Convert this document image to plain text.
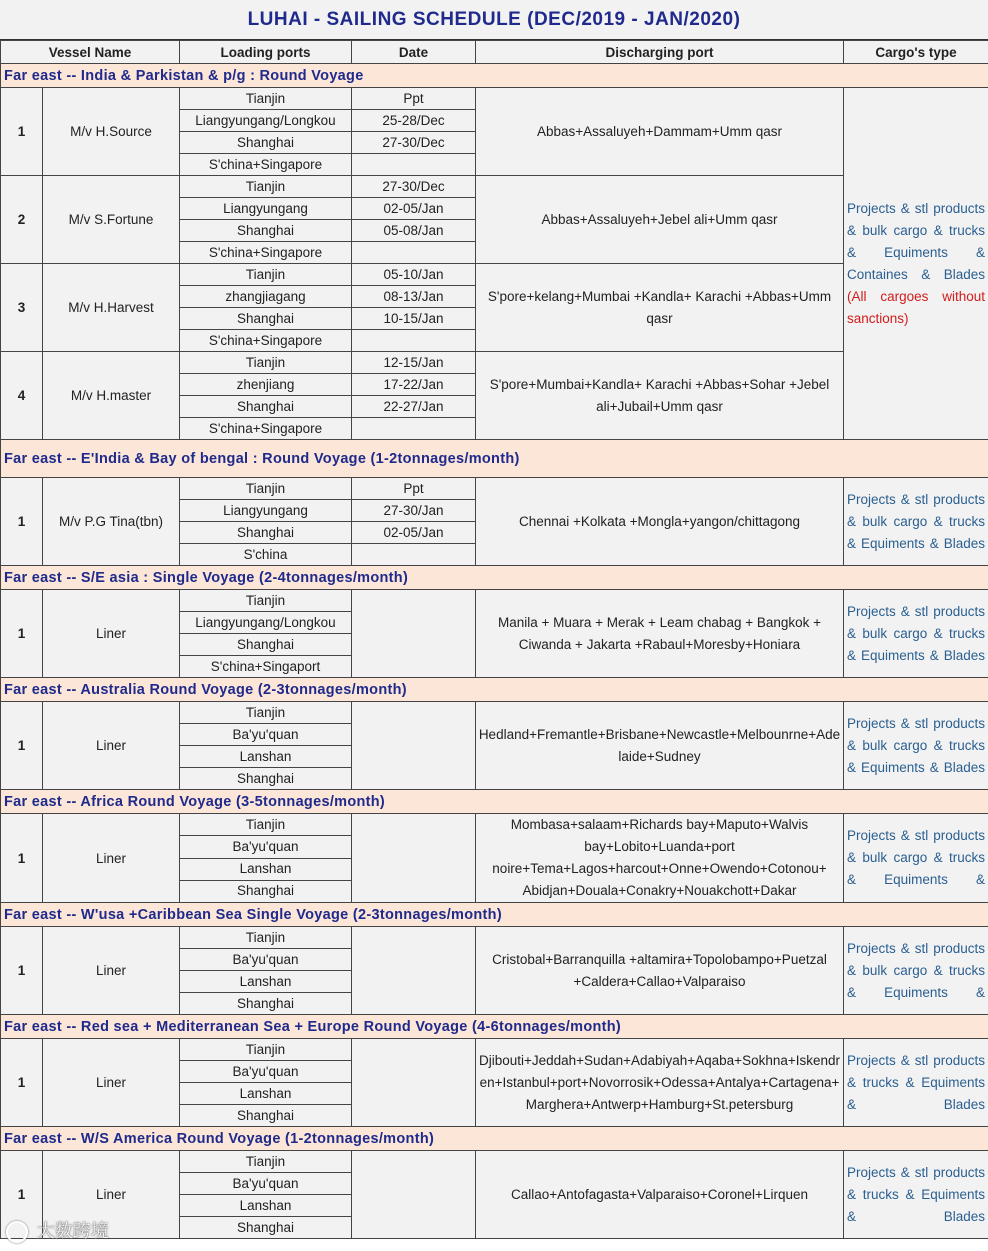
LUHAI - SAILING SCHEDULE (DEC/2019 - JAN/2020)
Vessel Name		Loading ports	Date	Discharging port	Cargo's type
Far east -- India & Parkistan & p/g : Round Voyage					
1	M/v H.Source	Tianjin	Ppt	Abbas+Assaluyeh+Dammam+Umm qasr	Projects & stl products & bulk cargo & trucks & Equiments & Containes & Blades (All cargoes without sanctions)
		Liangyungang/Longkou	25-28/Dec		
		Shanghai	27-30/Dec		
		S'china+Singapore			
2	M/v S.Fortune	Tianjin	27-30/Dec	Abbas+Assaluyeh+Jebel ali+Umm qasr	
		Liangyungang	02-05/Jan		
		Shanghai	05-08/Jan		
		S'china+Singapore			
3	M/v H.Harvest	Tianjin	05-10/Jan	S'pore+kelang+Mumbai +Kandla+ Karachi +Abbas+Umm qasr	
		zhangjiagang	08-13/Jan		
		Shanghai	10-15/Jan		
		S'china+Singapore			
4	M/v H.master	Tianjin	12-15/Jan	S'pore+Mumbai+Kandla+ Karachi +Abbas+Sohar +Jebel ali+Jubail+Umm qasr	
		zhenjiang	17-22/Jan		
		Shanghai	22-27/Jan		
		S'china+Singapore			
Far east -- E'India & Bay of bengal : Round Voyage (1-2tonnages/month)					
1	M/v P.G Tina(tbn)	Tianjin	Ppt	Chennai +Kolkata +Mongla+yangon/chittagong	Projects & stl products & bulk cargo & trucks & Equiments & Blades
		Liangyungang	27-30/Jan		
		Shanghai	02-05/Jan		
		S'china			
Far east -- S/E asia : Single Voyage (2-4tonnages/month)					
1	Liner	Tianjin		Manila + Muara + Merak + Leam chabag + Bangkok + Ciwanda + Jakarta +Rabaul+Moresby+Honiara	Projects & stl products & bulk cargo & trucks & Equiments & Blades
		Liangyungang/Longkou			
		Shanghai			
		S'china+Singaport			
Far east -- Australia Round Voyage (2-3tonnages/month)					
1	Liner	Tianjin		Hedland+Fremantle+Brisbane+Newcastle+Melbounrne+Adelaide+Sudney	Projects & stl products & bulk cargo & trucks & Equiments & Blades
		Ba'yu'quan			
		Lanshan			
		Shanghai			
Far east -- Africa Round Voyage (3-5tonnages/month)					
1	Liner	Tianjin		Mombasa+salaam+Richards bay+Maputo+Walvis bay+Lobito+Luanda+port noire+Tema+Lagos+harcout+Onne+Owendo+Cotonou+ Abidjan+Douala+Conakry+Nouakchott+Dakar	Projects & stl products & bulk cargo & trucks & Equiments &
		Ba'yu'quan			
		Lanshan			
		Shanghai			
Far east -- W'usa +Caribbean Sea Single Voyage (2-3tonnages/month)					
1	Liner	Tianjin		Cristobal+Barranquilla +altamira+Topolobampo+Puetzal +Caldera+Callao+Valparaiso	Projects & stl products & bulk cargo & trucks & Equiments &
		Ba'yu'quan			
		Lanshan			
		Shanghai			
Far east -- Red sea + Mediterranean Sea + Europe Round Voyage (4-6tonnages/month)					
1	Liner	Tianjin		Djibouti+Jeddah+Sudan+Adabiyah+Aqaba+Sokhna+Iskendren+Istanbul+port+Novorrosik+Odessa+Antalya+Cartagena+Marghera+Antwerp+Hamburg+St.petersburg	Projects & stl products & trucks & Equiments & Blades
		Ba'yu'quan			
		Lanshan			
		Shanghai			
Far east -- W/S America Round Voyage (1-2tonnages/month)					
1	Liner	Tianjin		Callao+Antofagasta+Valparaiso+Coronel+Lirquen	Projects & stl products & trucks & Equiments & Blades
		Ba'yu'quan			
		Lanshan			
		Shanghai			
大数跨境
